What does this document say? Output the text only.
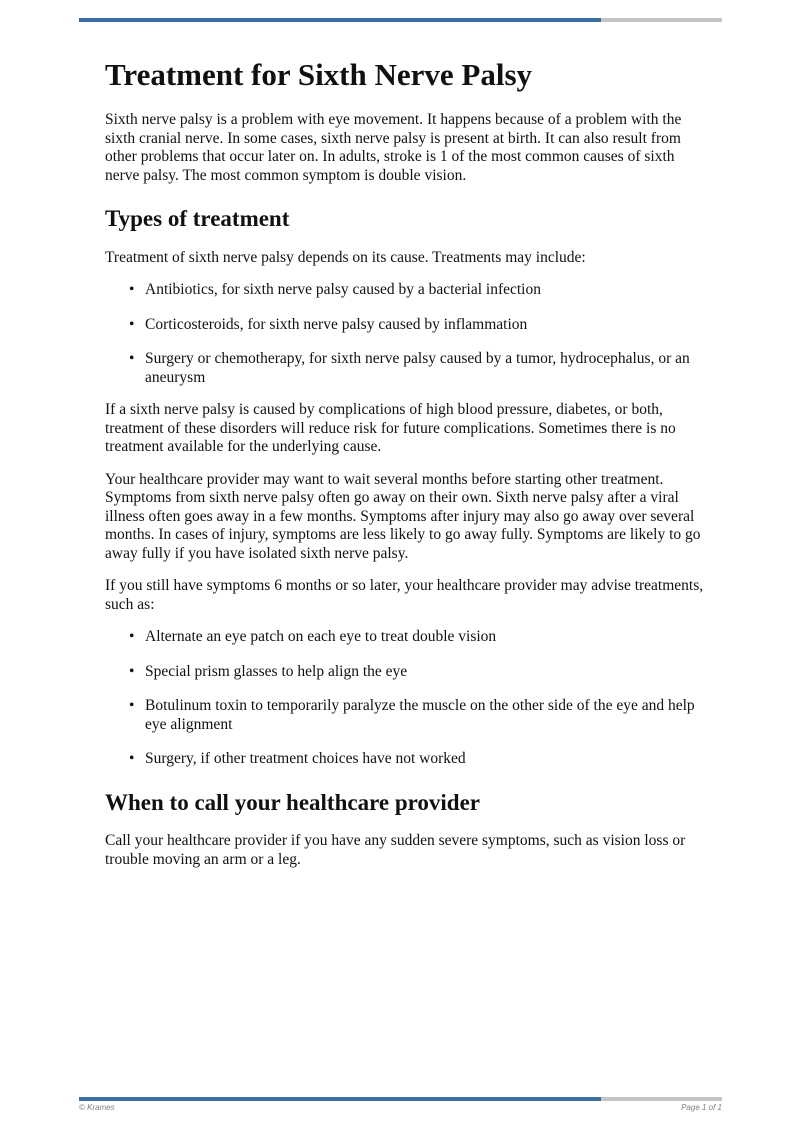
Treatment for Sixth Nerve Palsy

Sixth nerve palsy is a problem with eye movement. It happens because of a problem with the sixth cranial nerve. In some cases, sixth nerve palsy is present at birth. It can also result from other problems that occur later on. In adults, stroke is 1 of the most common causes of sixth nerve palsy. The most common symptom is double vision.

Types of treatment

Treatment of sixth nerve palsy depends on its cause. Treatments may include:

• Antibiotics, for sixth nerve palsy caused by a bacterial infection
• Corticosteroids, for sixth nerve palsy caused by inflammation
• Surgery or chemotherapy, for sixth nerve palsy caused by a tumor, hydrocephalus, or an aneurysm

If a sixth nerve palsy is caused by complications of high blood pressure, diabetes, or both, treatment of these disorders will reduce risk for future complications. Sometimes there is no treatment available for the underlying cause.

Your healthcare provider may want to wait several months before starting other treatment. Symptoms from sixth nerve palsy often go away on their own. Sixth nerve palsy after a viral illness often goes away in a few months. Symptoms after injury may also go away over several months. In cases of injury, symptoms are less likely to go away fully. Symptoms are likely to go away fully if you have isolated sixth nerve palsy.

If you still have symptoms 6 months or so later, your healthcare provider may advise treatments, such as:

• Alternate an eye patch on each eye to treat double vision
• Special prism glasses to help align the eye
• Botulinum toxin to temporarily paralyze the muscle on the other side of the eye and help eye alignment
• Surgery, if other treatment choices have not worked
When to call your healthcare provider

Call your healthcare provider if you have any sudden severe symptoms, such as vision loss or trouble moving an arm or a leg.

© Krames	Page 1 of 1
